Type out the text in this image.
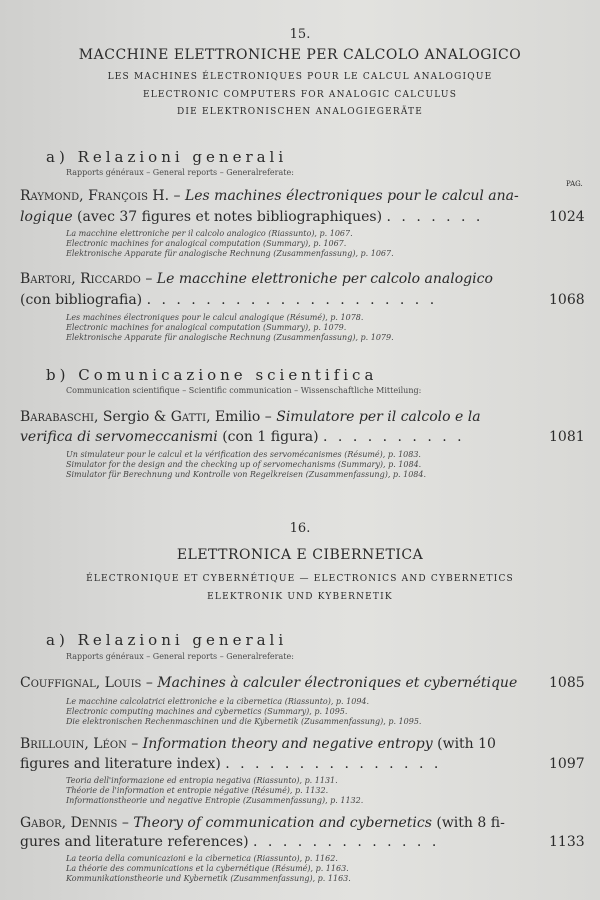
15.
MACCHINE ELETTRONICHE PER CALCOLO ANALOGICO
LES MACHINES ÉLECTRONIQUES POUR LE CALCUL ANALOGIQUE
ELECTRONIC COMPUTERS FOR ANALOGIC CALCULUS
DIE ELEKTRONISCHEN ANALOGIEGERÄTE
a) Relazioni generali
Rapports généraux – General reports – Generalreferate:
PAG.
Raymond, François H. – Les machines électroniques pour le calcul ana-
logique (avec 37 figures et notes bibliographiques) . . . . . . .	1024
La macchine elettroniche per il calcolo analogico (Riassunto), p. 1067.
Electronic machines for analogical computation (Summary), p. 1067.
Elektronische Apparate für analogische Rechnung (Zusammenfassung), p. 1067.
Bartori, Riccardo – Le macchine elettroniche per calcolo analogico
(con bibliografia) . . . . . . . . . . . . . . . . . . . .	1068
Les machines électroniques pour le calcul analogique (Résumé), p. 1078.
Electronic machines for analogical computation (Summary), p. 1079.
Elektronische Apparate für analogische Rechnung (Zusammenfassung), p. 1079.
b) Comunicazione scientifica
Communication scientifique – Scientific communication – Wissenschaftliche Mitteilung:
Barabaschi, Sergio & Gatti, Emilio – Simulatore per il calcolo e la
verifica di servomeccanismi (con 1 figura) . . . . . . . . . .	1081
Un simulateur pour le calcul et la vérification des servomécanismes (Résumé), p. 1083.
Simulator for the design and the checking up of servomechanisms (Summary), p. 1084.
Simulator für Berechnung und Kontrolle von Regelkreisen (Zusammenfassung), p. 1084.
16.
ELETTRONICA E CIBERNETICA
ÉLECTRONIQUE ET CYBERNÉTIQUE — ELECTRONICS AND CYBERNETICS
ELEKTRONIK UND KYBERNETIK
a) Relazioni generali
Rapports généraux – General reports – Generalreferate:
Couffignal, Louis – Machines à calculer électroniques et cybernétique 1085
Le macchine calcolatrici elettroniche e la cibernetica (Riassunto), p. 1094.
Electronic computing machines and cybernetics (Summary), p. 1095.
Die elektronischen Rechenmaschinen und die Kybernetik (Zusammenfassung), p. 1095.
Brillouin, Léon – Information theory and negative entropy (with 10
figures and literature index) . . . . . . . . . . . . . . .	1097
Teoria dell'informazione ed entropia negativa (Riassunto), p. 1131.
Théorie de l'information et entropie négative (Résumé), p. 1132.
Informationstheorie und negative Entropie (Zusammenfassung), p. 1132.
Gabor, Dennis – Theory of communication and cybernetics (with 8 fi-
gures and literature references) . . . . . . . . . . . . .	1133
La teoria della comunicazioni e la cibernetica (Riassunto), p. 1162.
La théorie des communications et la cybernétique (Résumé), p. 1163.
Kommunikationstheorie und Kybernetik (Zusammenfassung), p. 1163.
